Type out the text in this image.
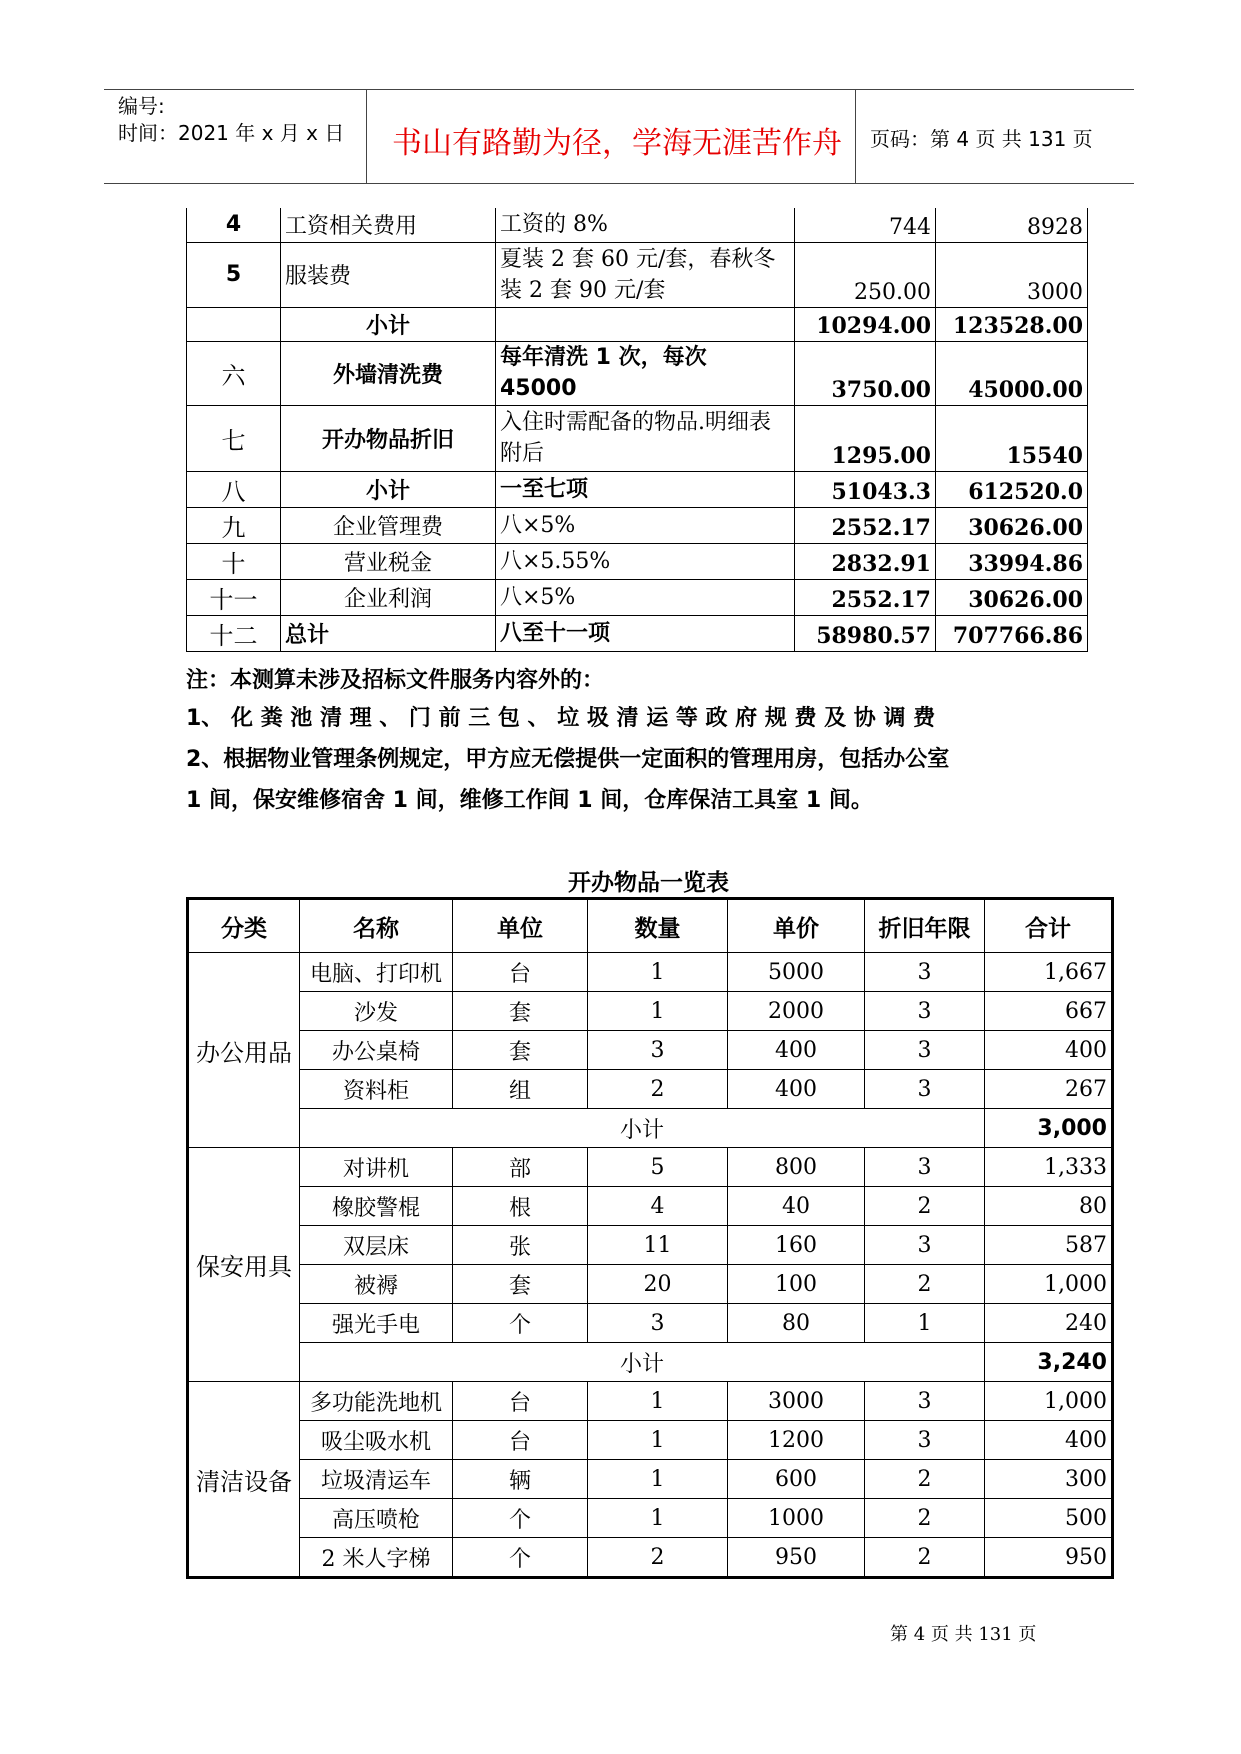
编号:
时间：2021 年 x 月 x 日 书山有路勤为径，学海无涯苦作舟 页码：第 4 页 共 131 页
4	工资相关费用	工资的 8%	744	8928
5	服装费	夏装 2 套 60 元/套，春秋冬装 2 套 90 元/套	250.00	3000
	小计		10294.00	123528.00
六	外墙清洗费	每年清洗 1 次，每次 45000	3750.00	45000.00
七	开办物品折旧	入住时需配备的物品.明细表附后	1295.00	15540
八	小计	一至七项	51043.3	612520.0
九	企业管理费	八×5%	2552.17	30626.00
十	营业税金	八×5.55%	2832.91	33994.86
十一	企业利润	八×5%	2552.17	30626.00
十二	总计	八至十一项	58980.57	707766.86
注：本测算未涉及招标文件服务内容外的：
1、 化 粪 池 清 理 、 门 前 三 包 、 垃 圾 清 运 等 政 府 规 费 及 协 调 费
2、根据物业管理条例规定，甲方应无偿提供一定面积的管理用房，包括办公室
1 间，保安维修宿舍 1 间，维修工作间 1 间，仓库保洁工具室 1 间。
开办物品一览表
分类	名称	单位	数量	单价	折旧年限	合计
办公用品	电脑、打印机	台	1	5000	3	1,667
	沙发	套	1	2000	3	667
	办公桌椅	套	3	400	3	400
	资料柜	组	2	400	3	267
	小计					3,000
保安用具	对讲机	部	5	800	3	1,333
	橡胶警棍	根	4	40	2	80
	双层床	张	11	160	3	587
	被褥	套	20	100	2	1,000
	强光手电	个	3	80	1	240
	小计					3,240
清洁设备	多功能洗地机	台	1	3000	3	1,000
	吸尘吸水机	台	1	1200	3	400
	垃圾清运车	辆	1	600	2	300
	高压喷枪	个	1	1000	2	500
	2 米人字梯	个	2	950	2	950
第 4 页 共 131 页
